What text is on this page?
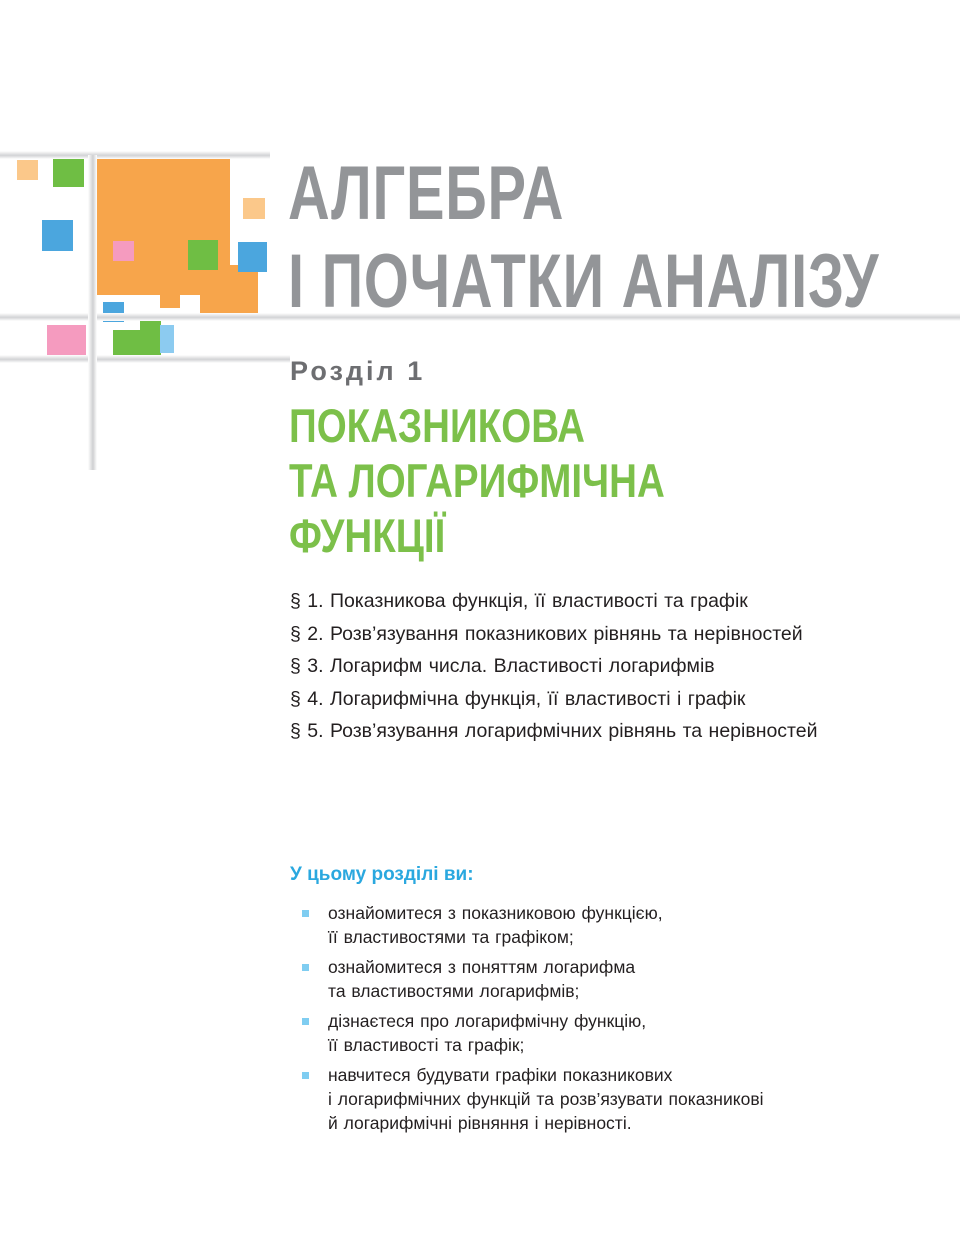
АЛГЕБРА
І ПОЧАТКИ АНАЛІЗУ
Розділ 1
ПОКАЗНИКОВА
ТА ЛОГАРИФМІЧНА
ФУНКЦІЇ
§ 1. Показникова функція, її властивості та графік
§ 2. Розв’язування показникових рівнянь та нерівностей
§ 3. Логарифм числа. Властивості логарифмів
§ 4. Логарифмічна функція, її властивості і графік
§ 5. Розв’язування логарифмічних рівнянь та нерівностей
У цьому розділі ви:
ознайомитеся з показниковою функцією,
її властивостями та графіком;
ознайомитеся з поняттям логарифма
та властивостями логарифмів;
дізнаєтеся про логарифмічну функцію,
її властивості та графік;
навчитеся будувати графіки показникових
і логарифмічних функцій та розв’язувати показникові
й логарифмічні рівняння і нерівності.
